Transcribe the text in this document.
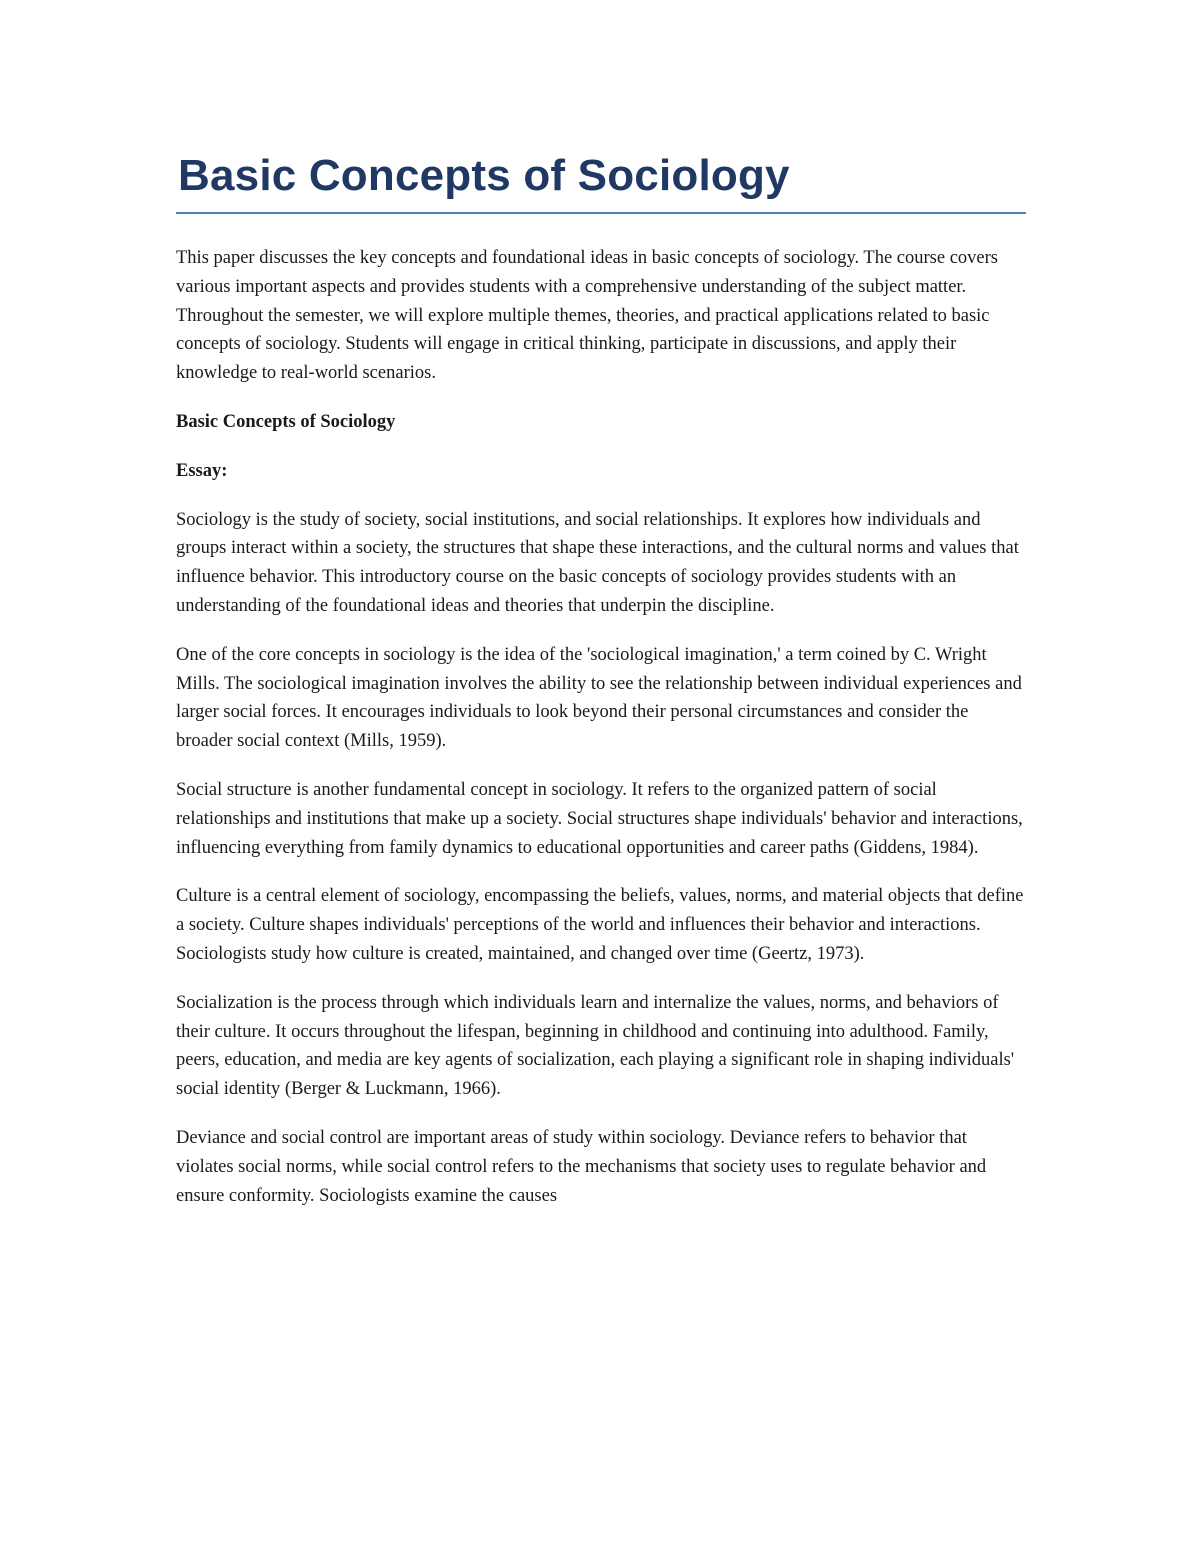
Basic Concepts of Sociology

This paper discusses the key concepts and foundational ideas in basic concepts of sociology. The course covers various important aspects and provides students with a comprehensive understanding of the subject matter. Throughout the semester, we will explore multiple themes, theories, and practical applications related to basic concepts of sociology. Students will engage in critical thinking, participate in discussions, and apply their knowledge to real-world scenarios.

Basic Concepts of Sociology

Essay:

Sociology is the study of society, social institutions, and social relationships. It explores how individuals and groups interact within a society, the structures that shape these interactions, and the cultural norms and values that influence behavior. This introductory course on the basic concepts of sociology provides students with an understanding of the foundational ideas and theories that underpin the discipline.

One of the core concepts in sociology is the idea of the 'sociological imagination,' a term coined by C. Wright Mills. The sociological imagination involves the ability to see the relationship between individual experiences and larger social forces. It encourages individuals to look beyond their personal circumstances and consider the broader social context (Mills, 1959).

Social structure is another fundamental concept in sociology. It refers to the organized pattern of social relationships and institutions that make up a society. Social structures shape individuals' behavior and interactions, influencing everything from family dynamics to educational opportunities and career paths (Giddens, 1984).

Culture is a central element of sociology, encompassing the beliefs, values, norms, and material objects that define a society. Culture shapes individuals' perceptions of the world and influences their behavior and interactions. Sociologists study how culture is created, maintained, and changed over time (Geertz, 1973).

Socialization is the process through which individuals learn and internalize the values, norms, and behaviors of their culture. It occurs throughout the lifespan, beginning in childhood and continuing into adulthood. Family, peers, education, and media are key agents of socialization, each playing a significant role in shaping individuals' social identity (Berger & Luckmann, 1966).

Deviance and social control are important areas of study within sociology. Deviance refers to behavior that violates social norms, while social control refers to the mechanisms that society uses to regulate behavior and ensure conformity. Sociologists examine the causes
